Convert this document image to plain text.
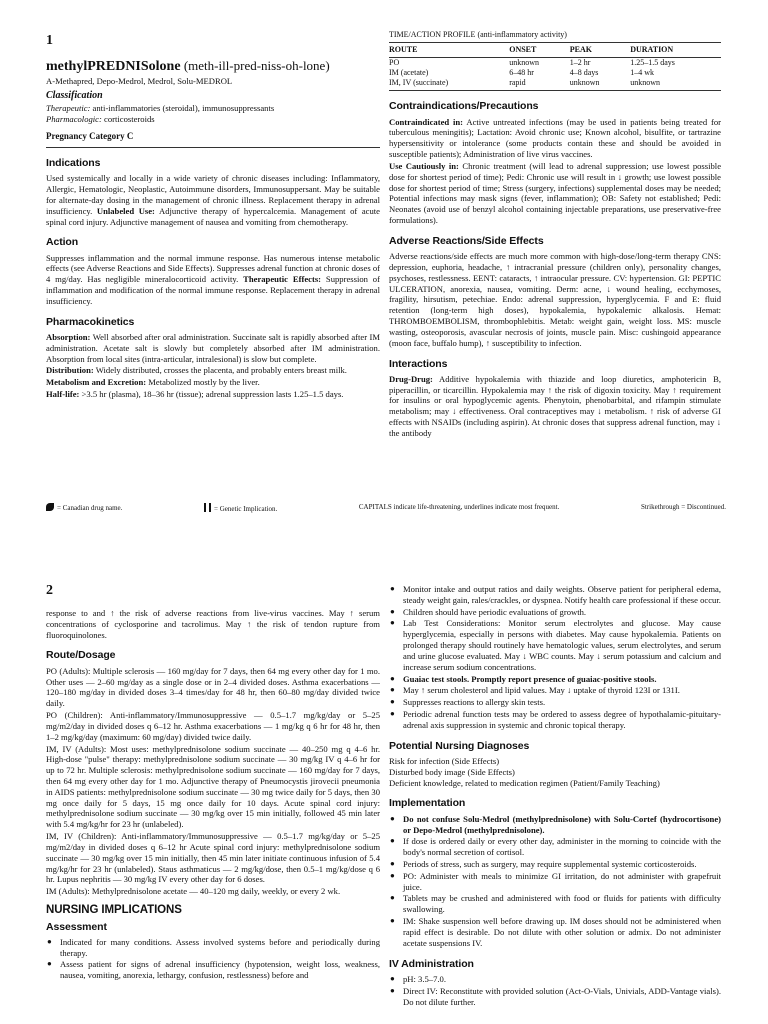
1
methylPREDNISolone (meth-ill-pred-niss-oh-lone)
A-Methapred, Depo-Medrol, Medrol, Solu-MEDROL
Classification

Therapeutic: anti-inflammatories (steroidal), immunosuppressants

Pharmacologic: corticosteroids

Pregnancy Category C
Indications

Used systemically and locally in a wide variety of chronic diseases including: Inflammatory, Allergic, Hematologic, Neoplastic, Autoimmune disorders, Immunosuppersant. May be suitable for alternate-day dosing in the management of chronic illness. Replacement therapy in adrenal insufficiency. Unlabeled Use: Adjunctive therapy of hypercalcemia. Management of acute spinal cord injury. Adjunctive management of nausea and vomiting from chemotherapy.

Action

Suppresses inflammation and the normal immune response. Has numerous intense metabolic effects (see Adverse Reactions and Side Effects). Suppresses adrenal function at chronic doses of 4 mg/day. Has negligible mineralocorticoid activity. Therapeutic Effects: Suppression of inflammation and modification of the normal immune response. Replacement therapy in adrenal insufficiency.

Pharmacokinetics

Absorption: Well absorbed after oral administration. Succinate salt is rapidly absorbed after IM administration. Acetate salt is slowly but completely absorbed after IM administration. Absorption from local sites (intra-articular, intralesional) is slow but complete.

Distribution: Widely distributed, crosses the placenta, and probably enters breast milk.

Metabolism and Excretion: Metabolized mostly by the liver.

Half-life: >3.5 hr (plasma), 18–36 hr (tissue); adrenal suppression lasts 1.25–1.5 days.

TIME/ACTION PROFILE (anti-inflammatory activity)
ROUTE	ONSET	PEAK	DURATION
PO	unknown	1–2 hr	1.25–1.5 days
IM (acetate)	6–48 hr	4–8 days	1–4 wk
IM, IV (succinate)	rapid	unknown	unknown
Contraindications/Precautions

Contraindicated in: Active untreated infections (may be used in patients being treated for tuberculous meningitis); Lactation: Avoid chronic use; Known alcohol, bisulfite, or tartrazine hypersensitivity or intolerance (some products contain these and should be avoided in susceptible patients); Administration of live virus vaccines.

Use Cautiously in: Chronic treatment (will lead to adrenal suppression; use lowest possible dose for shortest period of time); Pedi: Chronic use will result in ↓ growth; use lowest possible dose for shortest period of time; Stress (surgery, infections) supplemental doses may be needed; Potential infections may mask signs (fever, inflammation); OB: Safety not established; Pedi: Neonates (avoid use of benzyl alcohol containing injectable preparations, use preservative-free formulations).

Adverse Reactions/Side Effects

Adverse reactions/side effects are much more common with high-dose/long-term therapy CNS: depression, euphoria, headache, ↑ intracranial pressure (children only), personality changes, psychoses, restlessness. EENT: cataracts, ↑ intraocular pressure. CV: hypertension. GI: PEPTIC ULCERATION, anorexia, nausea, vomiting. Derm: acne, ↓ wound healing, ecchymoses, fragility, hirsutism, petechiae. Endo: adrenal suppression, hyperglycemia. F and E: fluid retention (long-term high doses), hypokalemia, hypokalemic alkalosis. Hemat: THROMBOEMBOLISM, thrombophlebitis. Metab: weight gain, weight loss. MS: muscle wasting, osteoporosis, avascular necrosis of joints, muscle pain. Misc: cushingoid appearance (moon face, buffalo hump), ↑ susceptibility to infection.

Interactions

Drug-Drug: Additive hypokalemia with thiazide and loop diuretics, amphotericin B, piperacillin, or ticarcillin. Hypokalemia may ↑ the risk of digoxin toxicity. May ↑ requirement for insulins or oral hypoglycemic agents. Phenytoin, phenobarbital, and rifampin stimulate metabolism; may ↓ effectiveness. Oral contraceptives may ↓ metabolism. ↑ risk of adverse GI effects with NSAIDs (including aspirin). At chronic doses that suppress adrenal function, may ↓ the antibody

= Canadian drug name.	= Genetic Implication.	CAPITALS indicate life-threatening, underlines indicate most frequent.	Strikethrough = Discontinued.
2

response to and ↑ the risk of adverse reactions from live-virus vaccines. May ↑ serum concentrations of cyclosporine and tacrolimus. May ↑ the risk of tendon rupture from fluoroquinolones.

Route/Dosage

PO (Adults): Multiple sclerosis — 160 mg/day for 7 days, then 64 mg every other day for 1 mo. Other uses — 2–60 mg/day as a single dose or in 2–4 divided doses. Asthma exacerbations — 120–180 mg/day in divided doses 3–4 times/day for 48 hr, then 60–80 mg/day divided twice daily.

PO (Children): Anti-inflammatory/Immunosuppressive — 0.5–1.7 mg/kg/day or 5–25 mg/m2/day in divided doses q 6–12 hr. Asthma exacerbations — 1 mg/kg q 6 hr for 48 hr, then 1–2 mg/kg/day (maximum: 60 mg/day) divided twice daily.

IM, IV (Adults): Most uses: methylprednisolone sodium succinate — 40–250 mg q 4–6 hr. High-dose "pulse" therapy: methylprednisolone sodium succinate — 30 mg/kg IV q 4–6 hr for up to 72 hr. Multiple sclerosis: methylprednisolone sodium succinate — 160 mg/day for 7 days, then 64 mg every other day for 1 mo. Adjunctive therapy of Pneumocystis jirovecii pneumonia in AIDS patients: methylprednisolone sodium succinate — 30 mg twice daily for 5 days, then 30 mg once daily for 5 days, 15 mg once daily for 10 days. Acute spinal cord injury: methylprednisolone sodium succinate — 30 mg/kg over 15 min initially, followed 45 min later with 5.4 mg/kg/hr for 23 hr (unlabeled).

IM, IV (Children): Anti-inflammatory/Immunosuppressive — 0.5–1.7 mg/kg/day or 5–25 mg/m2/day in divided doses q 6–12 hr Acute spinal cord injury: methylprednisolone sodium succinate — 30 mg/kg over 15 min initially, then 45 min later initiate continuous infusion of 5.4 mg/kg/hr for 23 hr (unlabeled). Staus asthmaticus — 2 mg/kg/dose, then 0.5–1 mg/kg/dose q 6 hr. Lupus nephritis — 30 mg/kg IV every other day for 6 doses.

IM (Adults): Methylprednisolone acetate — 40–120 mg daily, weekly, or every 2 wk.

NURSING IMPLICATIONS
Assessment
● Indicated for many conditions. Assess involved systems before and periodically during therapy.
● Assess patient for signs of adrenal insufficiency (hypotension, weight loss, weakness, nausea, vomiting, anorexia, lethargy, confusion, restlessness) before and
● Monitor intake and output ratios and daily weights. Observe patient for peripheral edema, steady weight gain, rales/crackles, or dyspnea. Notify health care professional if these occur.
● Children should have periodic evaluations of growth.
● Lab Test Considerations: Monitor serum electrolytes and glucose. May cause hyperglycemia, especially in persons with diabetes. May cause hypokalemia. Patients on prolonged therapy should routinely have hematologic values, serum electrolytes, and serum and urine glucose evaluated. May ↓ WBC counts. May ↓ serum potassium and calcium and increase serum sodium concentrations.
● Guaiac test stools. Promptly report presence of guaiac-positive stools.
● May ↑ serum cholesterol and lipid values. May ↓ uptake of thyroid 123I or 131I.
● Suppresses reactions to allergy skin tests.
● Periodic adrenal function tests may be ordered to assess degree of hypothalamic-pituitary-adrenal axis suppression in systemic and chronic topical therapy.
Potential Nursing Diagnoses

Risk for infection (Side Effects)

Disturbed body image (Side Effects)

Deficient knowledge, related to medication regimen (Patient/Family Teaching)

Implementation
● Do not confuse Solu-Medrol (methylprednisolone) with Solu-Cortef (hydrocortisone) or Depo-Medrol (methylprednisolone).
● If dose is ordered daily or every other day, administer in the morning to coincide with the body's normal secretion of cortisol.
● Periods of stress, such as surgery, may require supplemental systemic corticosteroids.
● PO: Administer with meals to minimize GI irritation, do not administer with grapefruit juice.
● Tablets may be crushed and administered with food or fluids for patients with difficulty swallowing.
● IM: Shake suspension well before drawing up. IM doses should not be administered when rapid effect is desirable. Do not dilute with other solution or admix. Do not administer acetate suspensions IV.
IV Administration
● pH: 3.5–7.0.
● Direct IV: Reconstitute with provided solution (Act-O-Vials, Univials, ADD-Vantage vials). Do not dilute further.
